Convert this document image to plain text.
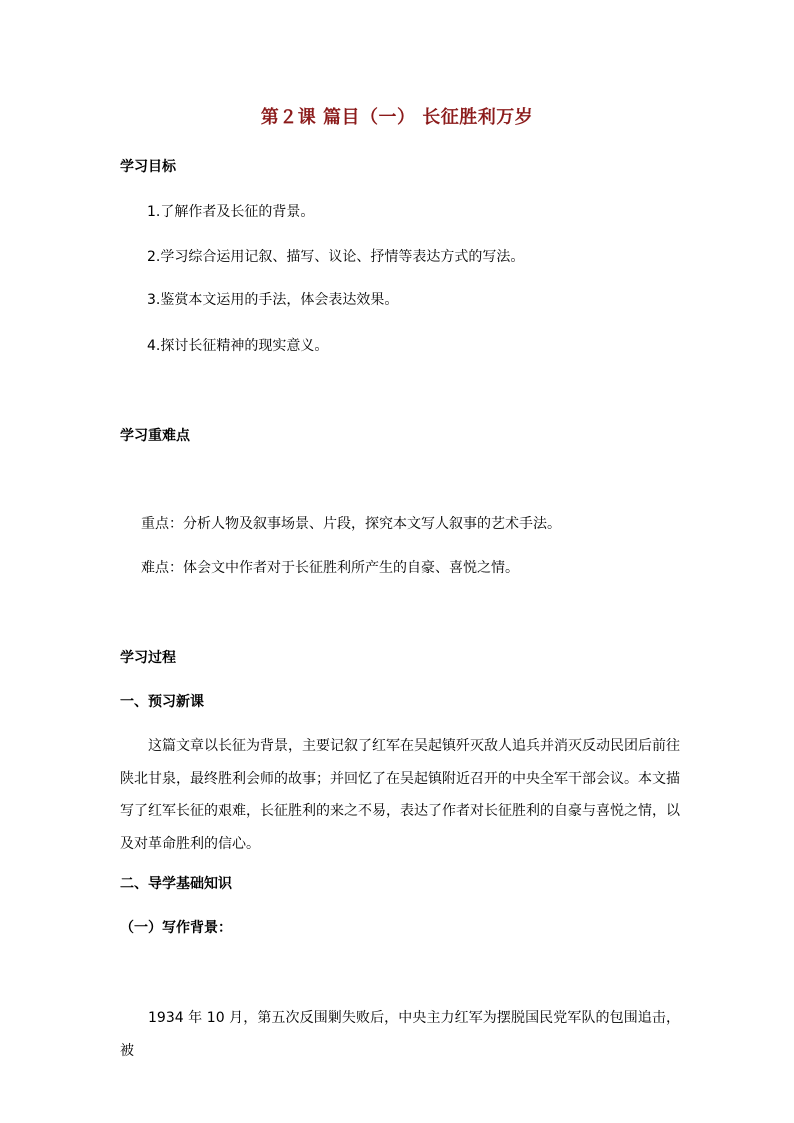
第２课 篇目（一） 长征胜利万岁
学习目标
1.了解作者及长征的背景。
2.学习综合运用记叙、描写、议论、抒情等表达方式的写法。
3.鉴赏本文运用的手法，体会表达效果。
4.探讨长征精神的现实意义。
学习重难点
重点：分析人物及叙事场景、片段，探究本文写人叙事的艺术手法。
难点：体会文中作者对于长征胜利所产生的自豪、喜悦之情。
学习过程
一、预习新课

这篇文章以长征为背景，主要记叙了红军在吴起镇歼灭敌人追兵并消灭反动民团后前往陕北甘泉，最终胜利会师的故事；并回忆了在吴起镇附近召开的中央全军干部会议。本文描写了红军长征的艰难，长征胜利的来之不易，表达了作者对长征胜利的自豪与喜悦之情，以及对革命胜利的信心。

二、导学基础知识
（一）写作背景：

1934 年 10 月，第五次反围剿失败后，中央主力红军为摆脱国民党军队的包围追击，被
